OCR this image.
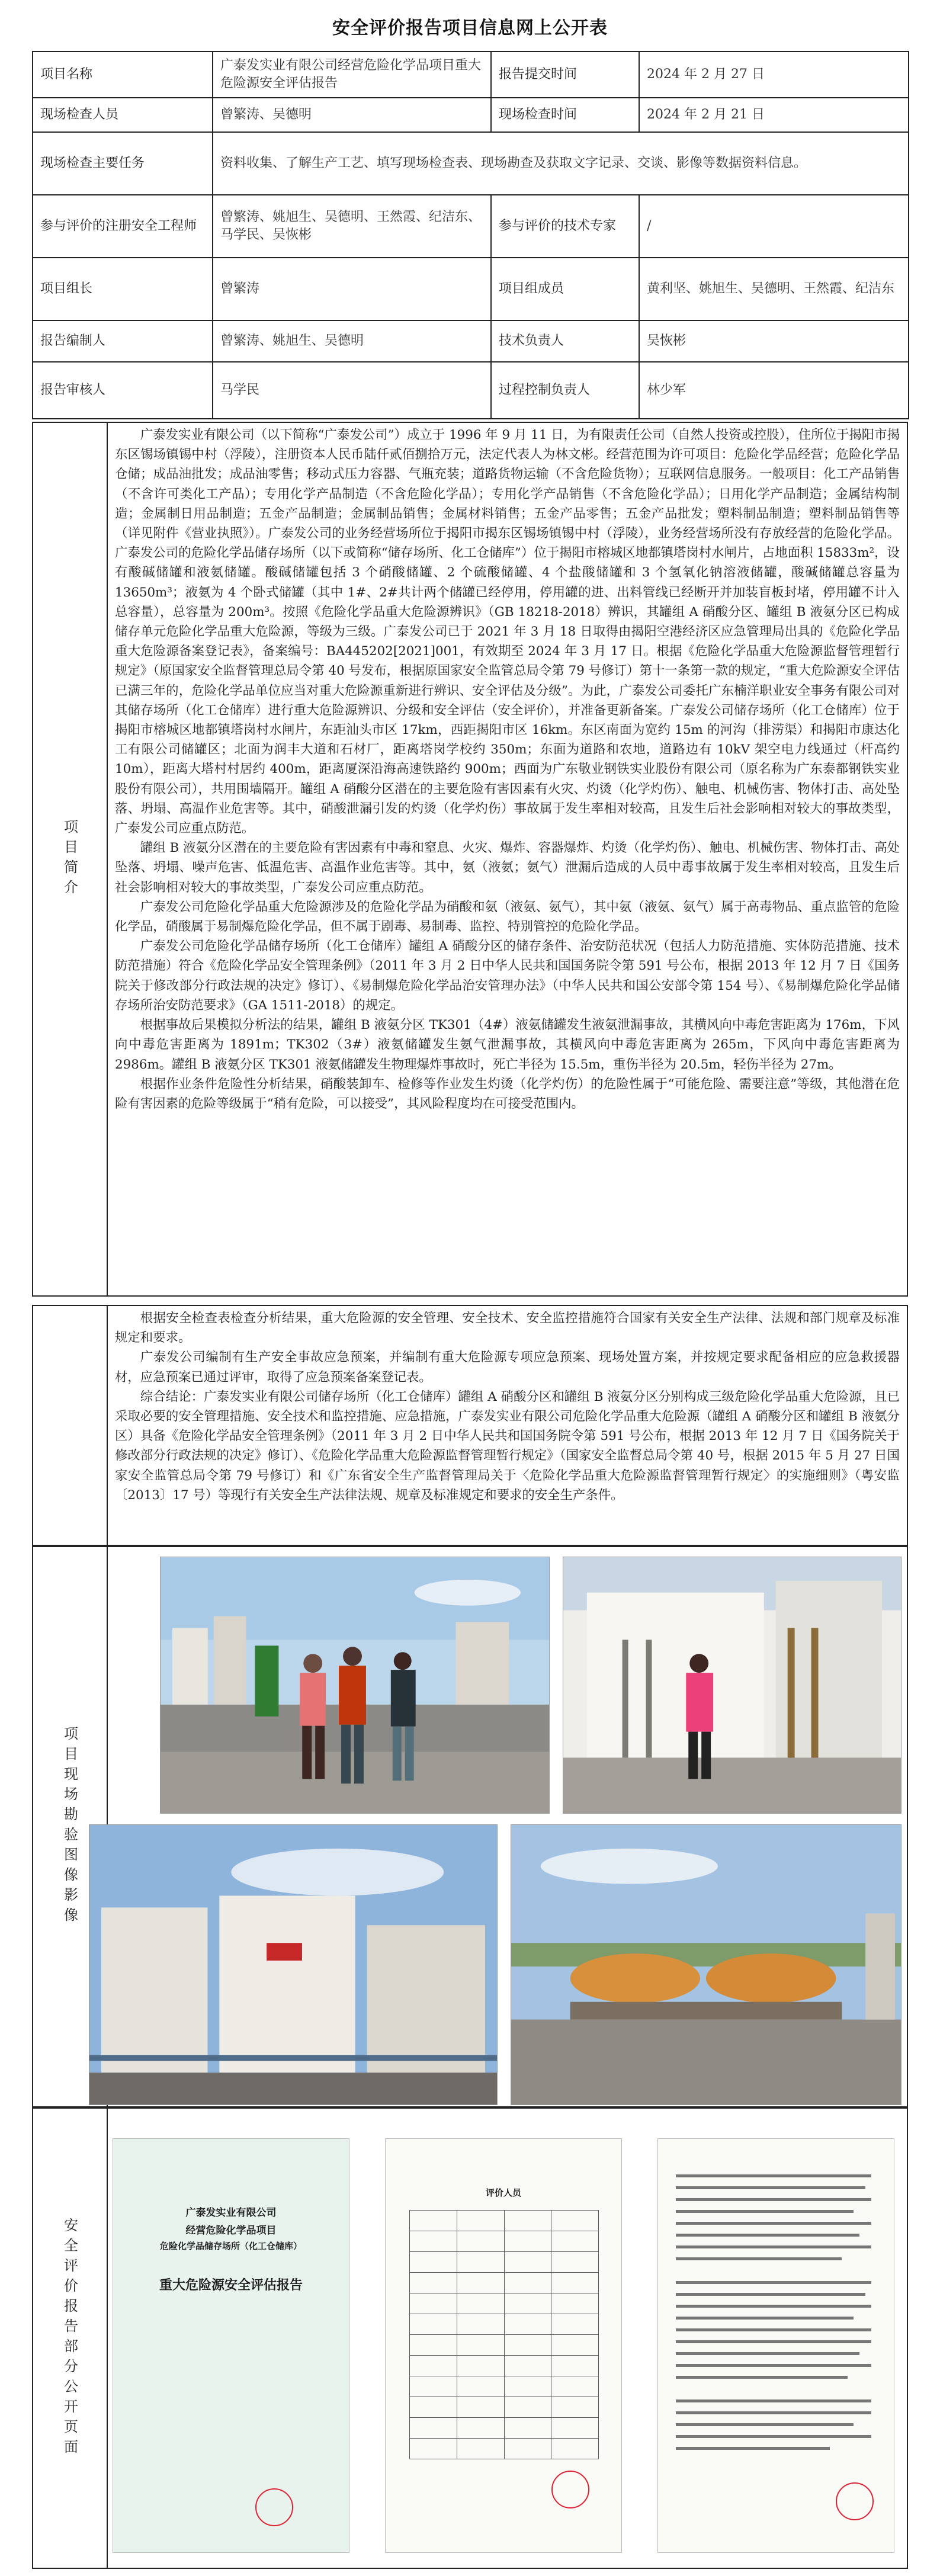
安全评价报告项目信息网上公开表
项目名称	广泰发实业有限公司经营危险化学品项目重大危险源安全评估报告	报告提交时间	2024 年 2 月 27 日
现场检查人员	曾繁涛、吴德明	现场检查时间	2024 年 2 月 21 日
现场检查主要任务	资料收集、了解生产工艺、填写现场检查表、现场勘查及获取文字记录、交谈、影像等数据资料信息。		
参与评价的注册安全工程师	曾繁涛、姚旭生、吴德明、王然霞、纪洁东、马学民、吴恢彬	参与评价的技术专家	/
项目组长	曾繁涛	项目组成员	黄利坚、姚旭生、吴德明、王然霞、纪洁东
报告编制人	曾繁涛、姚旭生、吴德明	技术负责人	吴恢彬
报告审核人	马学民	过程控制负责人	林少军
项目简介

广泰发实业有限公司（以下简称“广泰发公司”）成立于 1996 年 9 月 11 日，为有限责任公司（自然人投资或控股），住所位于揭阳市揭东区锡场镇锡中村（浮陵），注册资本人民币陆仟贰佰捌拾万元，法定代表人为林文彬。经营范围为许可项目：危险化学品经营；危险化学品仓储；成品油批发；成品油零售；移动式压力容器、气瓶充装；道路货物运输（不含危险货物）；互联网信息服务。一般项目：化工产品销售（不含许可类化工产品）；专用化学产品制造（不含危险化学品）；专用化学产品销售（不含危险化学品）；日用化学产品制造；金属结构制造；金属制日用品制造；五金产品制造；金属制品销售；金属材料销售；五金产品零售；五金产品批发；塑料制品制造；塑料制品销售等（详见附件《营业执照》）。广泰发公司的业务经营场所位于揭阳市揭东区锡场镇锡中村（浮陵），业务经营场所没有存放经营的危险化学品。广泰发公司的危险化学品储存场所（以下或简称“储存场所、化工仓储库”）位于揭阳市榕城区地都镇塔岗村水闸片，占地面积 15833m²，设有酸碱储罐和液氨储罐。酸碱储罐包括 3 个硝酸储罐、2 个硫酸储罐、4 个盐酸储罐和 3 个氢氧化钠溶液储罐，酸碱储罐总容量为 13650m³；液氨为 4 个卧式储罐（其中 1#、2#共计两个储罐已经停用，停用罐的进、出料管线已经断开并加装盲板封堵，停用罐不计入总容量），总容量为 200m³。按照《危险化学品重大危险源辨识》（GB 18218-2018）辨识，其罐组 A 硝酸分区、罐组 B 液氨分区已构成储存单元危险化学品重大危险源，等级为三级。广泰发公司已于 2021 年 3 月 18 日取得由揭阳空港经济区应急管理局出具的《危险化学品重大危险源备案登记表》，备案编号：BA44520​2[2021]001，有效期至 2024 年 3 月 17 日。根据《危险化学品重大危险源监督管理暂行规定》（原国家安全监督管理总局令第 40 号发布，根据原国家安全监管总局令第 79 号修订）第十一条第一款的规定，“重大危险源安全评估已满三年的，危险化学品单位应当对重大危险源重新进行辨识、安全评估及分级”。为此，广泰发公司委托广东楠洋职业安全事务有限公司对其储存场所（化工仓储库）进行重大危险源辨识、分级和安全评估（安全评价），并准备更新备案。广泰发公司储存场所（化工仓储库）位于揭阳市榕城区地都镇塔岗村水闸片，东距汕头市区 17km，西距揭阳市区 16km。东区南面为宽约 15m 的河沟（排涝渠）和揭阳市康达化工有限公司储罐区；北面为润丰大道和石材厂，距离塔岗学校约 350m；东面为道路和农地，道路边有 10kV 架空电力线通过（杆高约 10m），距离大塔村村居约 400m，距离厦深沿海高速铁路约 900m；西面为广东敬业钢铁实业股份有限公司（原名称为广东泰都钢铁实业股份有限公司），共用围墙隔开。罐组 A 硝酸分区潜在的主要危险有害因素有火灾、灼烫（化学灼伤）、触电、机械伤害、物体打击、高处坠落、坍塌、高温作业危害等。其中，硝酸泄漏引发的灼烫（化学灼伤）事故属于发生率相对较高，且发生后社会影响相对较大的事故类型，广泰发公司应重点防范。

罐组 B 液氨分区潜在的主要危险有害因素有中毒和窒息、火灾、爆炸、容器爆炸、灼烫（化学灼伤）、触电、机械伤害、物体打击、高处坠落、坍塌、噪声危害、低温危害、高温作业危害等。其中，氨（液氨；氨气）泄漏后造成的人员中毒事故属于发生率相对较高，且发生后社会影响相对较大的事故类型，广泰发公司应重点防范。

广泰发公司危险化学品重大危险源涉及的危险化学品为硝酸和氨（液氨、氨气），其中氨（液氨、氨气）属于高毒物品、重点监管的危险化学品，硝酸属于易制爆危险化学品，但不属于剧毒、易制毒、监控、特别管控的危险化学品。

广泰发公司危险化学品储存场所（化工仓储库）罐组 A 硝酸分区的储存条件、治安防范状况（包括人力防范措施、实体防范措施、技术防范措施）符合《危险化学品安全管理条例》（2011 年 3 月 2 日中华人民共和国国务院令第 591 号公布，根据 2013 年 12 月 7 日《国务院关于修改部分行政法规的决定》修订）、《易制爆危险化学品治安管理办法》（中华人民共和国公安部令第 154 号）、《易制爆危险化学品储存场所治安防范要求》（GA 1511-2018）的规定。

根据事故后果模拟分析法的结果，罐组 B 液氨分区 TK301（4#）液氨储罐发生液氨泄漏事故，其横风向中毒危害距离为 176m，下风向中毒危害距离为 1891m；TK302（3#）液氨储罐发生氨气泄漏事故，其横风向中毒危害距离为 265m，下风向中毒危害距离为 2986m。罐组 B 液氨分区 TK301 液氨储罐发生物理爆炸事故时，死亡半径为 15.5m，重伤半径为 20.5m，轻伤半径为 27m。

根据作业条件危险性分析结果，硝酸装卸车、检修等作业发生灼烫（化学灼伤）的危险性属于“可能危险、需要注意”等级，其他潜在危险有害因素的危险等级属于“稍有危险，可以接受”，其风险程度均在可接受范围内。

根据安全检查表检查分析结果，重大危险源的安全管理、安全技术、安全监控措施符合国家有关安全生产法律、法规和部门规章及标准规定和要求。

广泰发公司编制有生产安全事故应急预案，并编制有重大危险源专项应急预案、现场处置方案，并按规定要求配备相应的应急救援器材，应急预案已通过评审，取得了应急预案备案登记表。

综合结论：广泰发实业有限公司储存场所（化工仓储库）罐组 A 硝酸分区和罐组 B 液氨分区分别构成三级危险化学品重大危险源，且已采取必要的安全管理措施、安全技术和监控措施、应急措施，广泰发实业有限公司危险化学品重大危险源（罐组 A 硝酸分区和罐组 B 液氨分区）具备《危险化学品安全管理条例》（2011 年 3 月 2 日中华人民共和国国务院令第 591 号公布，根据 2013 年 12 月 7 日《国务院关于修改部分行政法规的决定》修订）、《危险化学品重大危险源监督管理暂行规定》（国家安全监督总局令第 40 号，根据 2015 年 5 月 27 日国家安全监管总局令第 79 号修订）和《广东省安全生产监督管理局关于〈危险化学品重大危险源监督管理暂行规定〉的实施细则》（粤安监〔2013〕17 号）等现行有关安全生产法律法规、规章及标准规定和要求的安全生产条件。

项目现场勘验图像影像
安全评价报告部分公开页面
广泰发实业有限公司
经营危险化学品项目
危险化学品储存场所（化工仓储库）
重大危险源安全评估报告
评价人员
